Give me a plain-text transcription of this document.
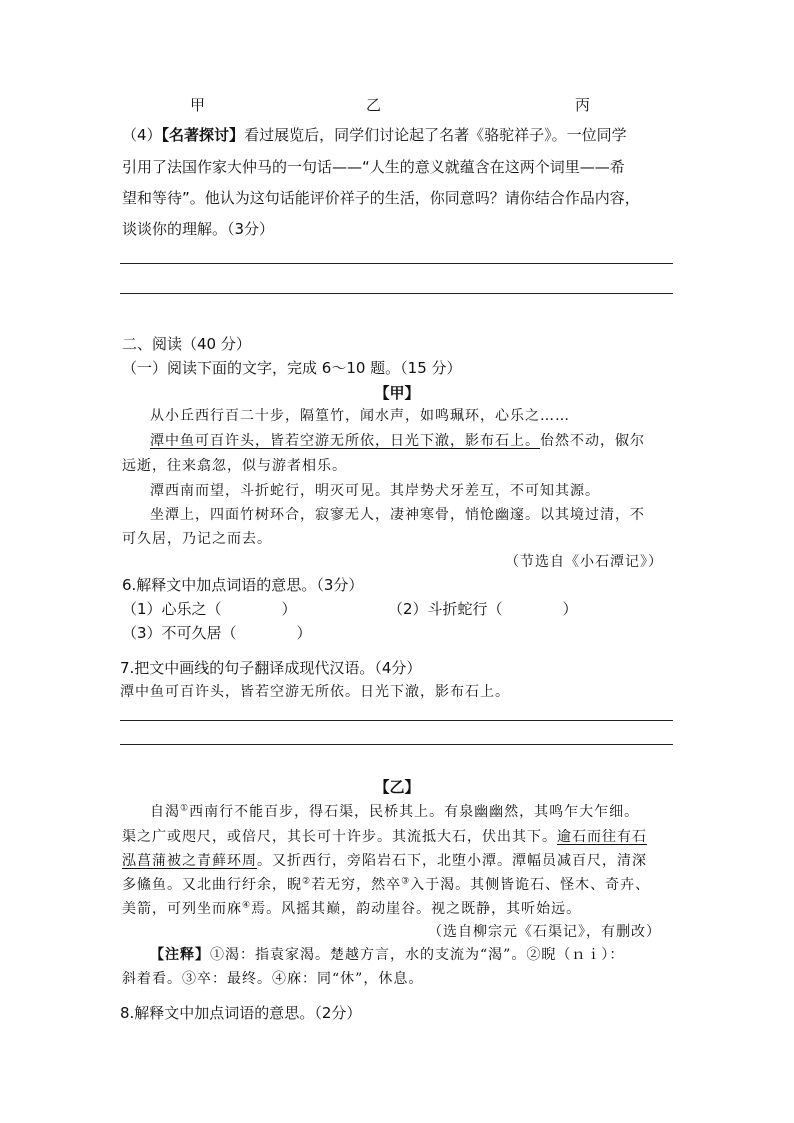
甲	乙	丙
（4）【名著探讨】看过展览后，同学们讨论起了名著《骆驼祥子》。一位同学
引用了法国作家大仲马的一句话——“人生的意义就蕴含在这两个词里——希
望和等待”。他认为这句话能评价祥子的生活，你同意吗？请你结合作品内容，
谈谈你的理解。（3分）
二、阅读（40 分）
（一）阅读下面的文字，完成 6～10 题。（15 分）
【甲】
从小丘西行百二十步，隔篁竹，闻水声，如鸣珮环，心乐之……
潭中鱼可百许头，皆若空游无所依，日光下澈，影布石上。佁然不动，俶尔
远逝，往来翕忽，似与游者相乐。
潭西南而望，斗折蛇行，明灭可见。其岸势犬牙差互，不可知其源。
坐潭上，四面竹树环合，寂寥无人，凄神寒骨，悄怆幽邃。以其境过清，不
可久居，乃记之而去。
（节选自《小石潭记》）
6.解释文中加点词语的意思。（3分）
（1）心乐之（　　　　）	（2）斗折蛇行（　　　　）
（3）不可久居（　　　　）
7.把文中画线的句子翻译成现代汉语。（4分）
潭中鱼可百许头，皆若空游无所依。日光下澈，影布石上。
【乙】
自渴①西南行不能百步，得石渠，民桥其上。有泉幽幽然，其鸣乍大乍细。
渠之广或咫尺，或倍尺，其长可十许步。其流抵大石，伏出其下。逾石而往有石
泓菖蒲被之青藓环周。又折西行，旁陷岩石下，北堕小潭。潭幅员减百尺，清深
多鯈鱼。又北曲行纡余，睨②若无穷，然卒③入于渴。其侧皆诡石、怪木、奇卉、
美箭，可列坐而庥④焉。风摇其巅，韵动崖谷。视之既静，其听始远。
（选自柳宗元《石渠记》，有删改）
【注释】①渴：指袁家渴。楚越方言，水的支流为“渴”。②睨（ｎｉ）：
斜着看。③卒：最终。④庥：同“休”，休息。
8.解释文中加点词语的意思。（2分）
